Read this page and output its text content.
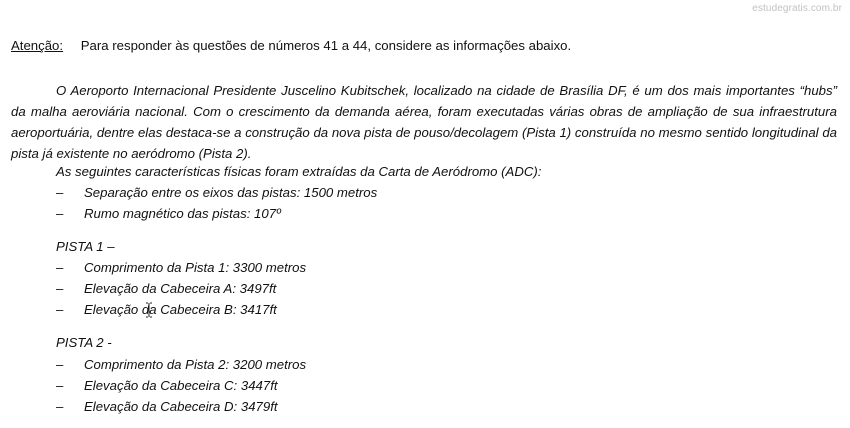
estudegratis.com.br
Atenção: Para responder às questões de números 41 a 44, considere as informações abaixo.

O Aeroporto Internacional Presidente Juscelino Kubitschek, localizado na cidade de Brasília DF, é um dos mais importantes “hubs” da malha aeroviária nacional. Com o crescimento da demanda aérea, foram executadas várias obras de ampliação de sua infraestrutura aeroportuária, dentre elas destaca-se a construção da nova pista de pouso/decolagem (Pista 1) construída no mesmo sentido longitudinal da pista já existente no aeródromo (Pista 2).

As seguintes características físicas foram extraídas da Carta de Aeródromo (ADC):
– Separação entre os eixos das pistas: 1500 metros
– Rumo magnético das pistas: 107º
PISTA 1 –
– Comprimento da Pista 1: 3300 metros
– Elevação da Cabeceira A: 3497ft
– Elevação da Cabeceira B: 3417ft
PISTA 2 -
– Comprimento da Pista 2: 3200 metros
– Elevação da Cabeceira C: 3447ft
– Elevação da Cabeceira D: 3479ft
